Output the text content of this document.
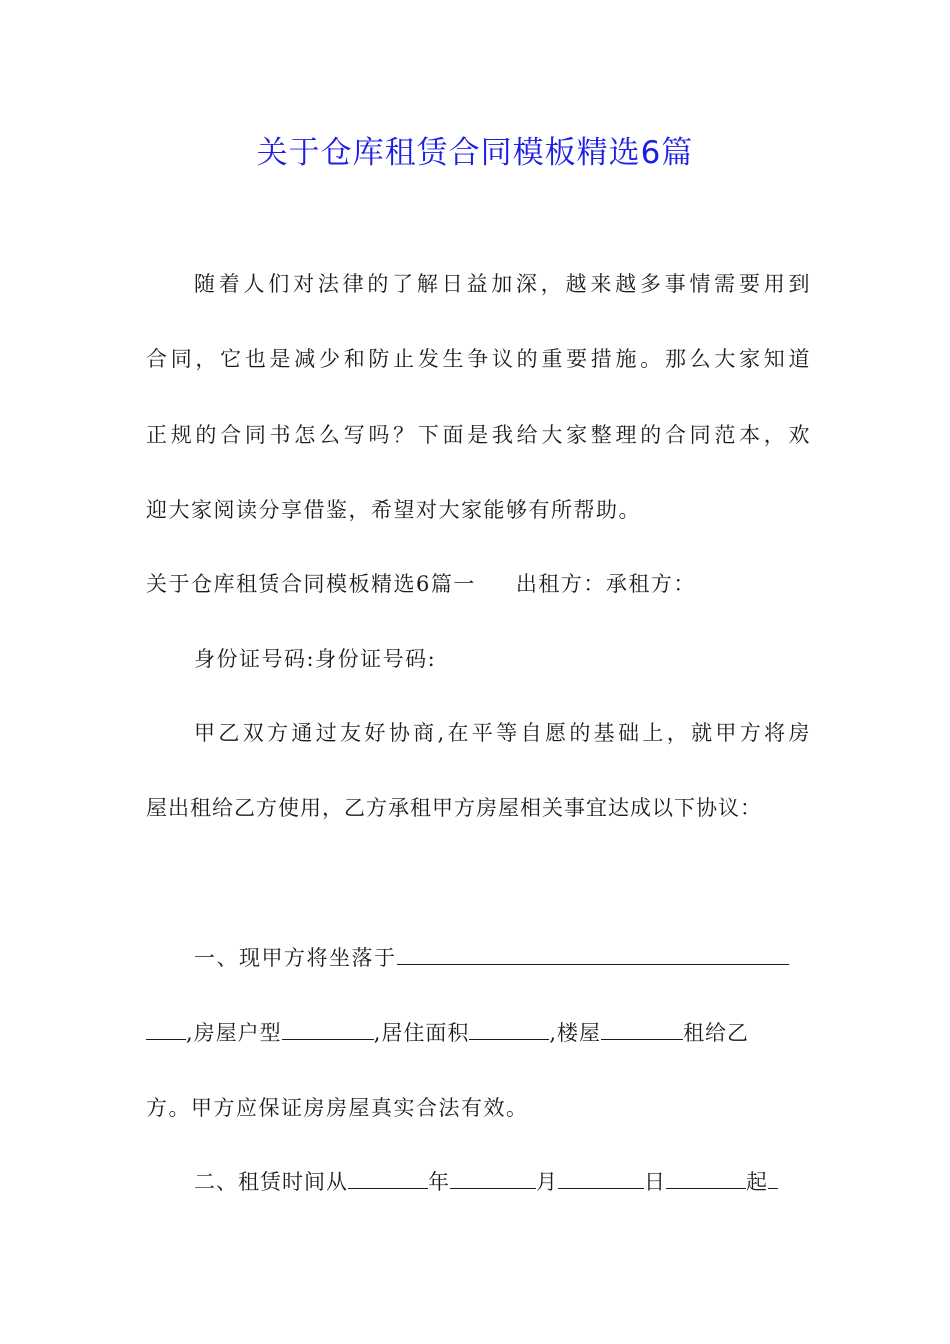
关于仓库租赁合同模板精选6篇

随着人们对法律的了解日益加深，越来越多事情需要用到

合同，它也是减少和防止发生争议的重要措施。那么大家知道

正规的合同书怎么写吗？下面是我给大家整理的合同范本，欢

迎大家阅读分享借鉴，希望对大家能够有所帮助。

关于仓库租赁合同模板精选6篇一 出租方：承租方：

身份证号码:身份证号码:

甲乙双方通过友好协商,在平等自愿的基础上，就甲方将房

屋出租给乙方使用，乙方承租甲方房屋相关事宜达成以下协议：

一、现甲方将坐落于

,房屋户型	,居住面积	,楼屋	租给乙

方。甲方应保证房房屋真实合法有效。

二、租赁时间从	年	月	日	起
